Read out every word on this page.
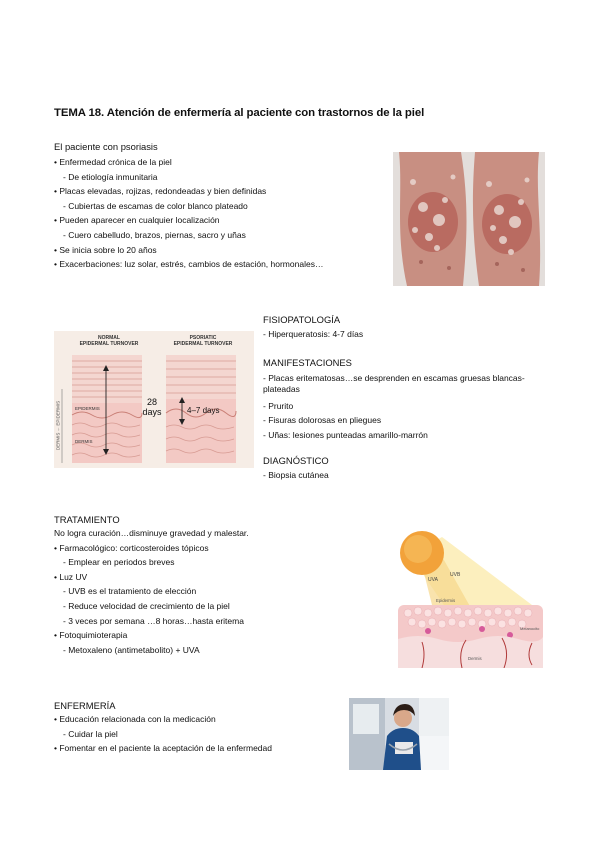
TEMA 18. Atención de enfermería al paciente con trastornos de la piel
El paciente con psoriasis
• Enfermedad crónica de la piel
- De etiología inmunitaria
• Placas elevadas, rojizas, redondeadas y bien definidas
- Cubiertas de escamas de color blanco plateado
• Pueden aparecer en cualquier localización
- Cuero cabelludo, brazos, piernas, sacro y uñas
• Se inicia sobre lo 20 años
• Exacerbaciones: luz solar, estrés, cambios de estación, hormonales…
NORMAL
EPIDERMAL TURNOVER
PSORIATIC
EPIDERMAL TURNOVER
28
days	4–7 days
EPIDERMIS
DERMIS
DERMIS ← EPIDERMIS
FISIOPATOLOGÍA
- Hiperqueratosis: 4-7 días
MANIFESTACIONES
- Placas eritematosas…se desprenden en escamas gruesas blancas-plateadas
- Prurito
- Fisuras dolorosas en pliegues
- Uñas: lesiones punteadas amarillo-marrón
DIAGNÓSTICO
- Biopsia cutánea
TRATAMIENTO
No logra curación…disminuye gravedad y malestar.
• Farmacológico: corticosteroides tópicos
- Emplear en periodos breves
• Luz UV
- UVB es el tratamiento de elección
- Reduce velocidad de crecimiento de la piel
- 3 veces por semana …8 horas…hasta eritema
• Fotoquimioterapia
- Metoxaleno (antimetabolito) + UVA
UVA
UVB
Epidermis
Dermis
Melanocito
ENFERMERÍA
• Educación relacionada con la medicación
- Cuidar la piel
• Fomentar en el paciente la aceptación de la enfermedad
